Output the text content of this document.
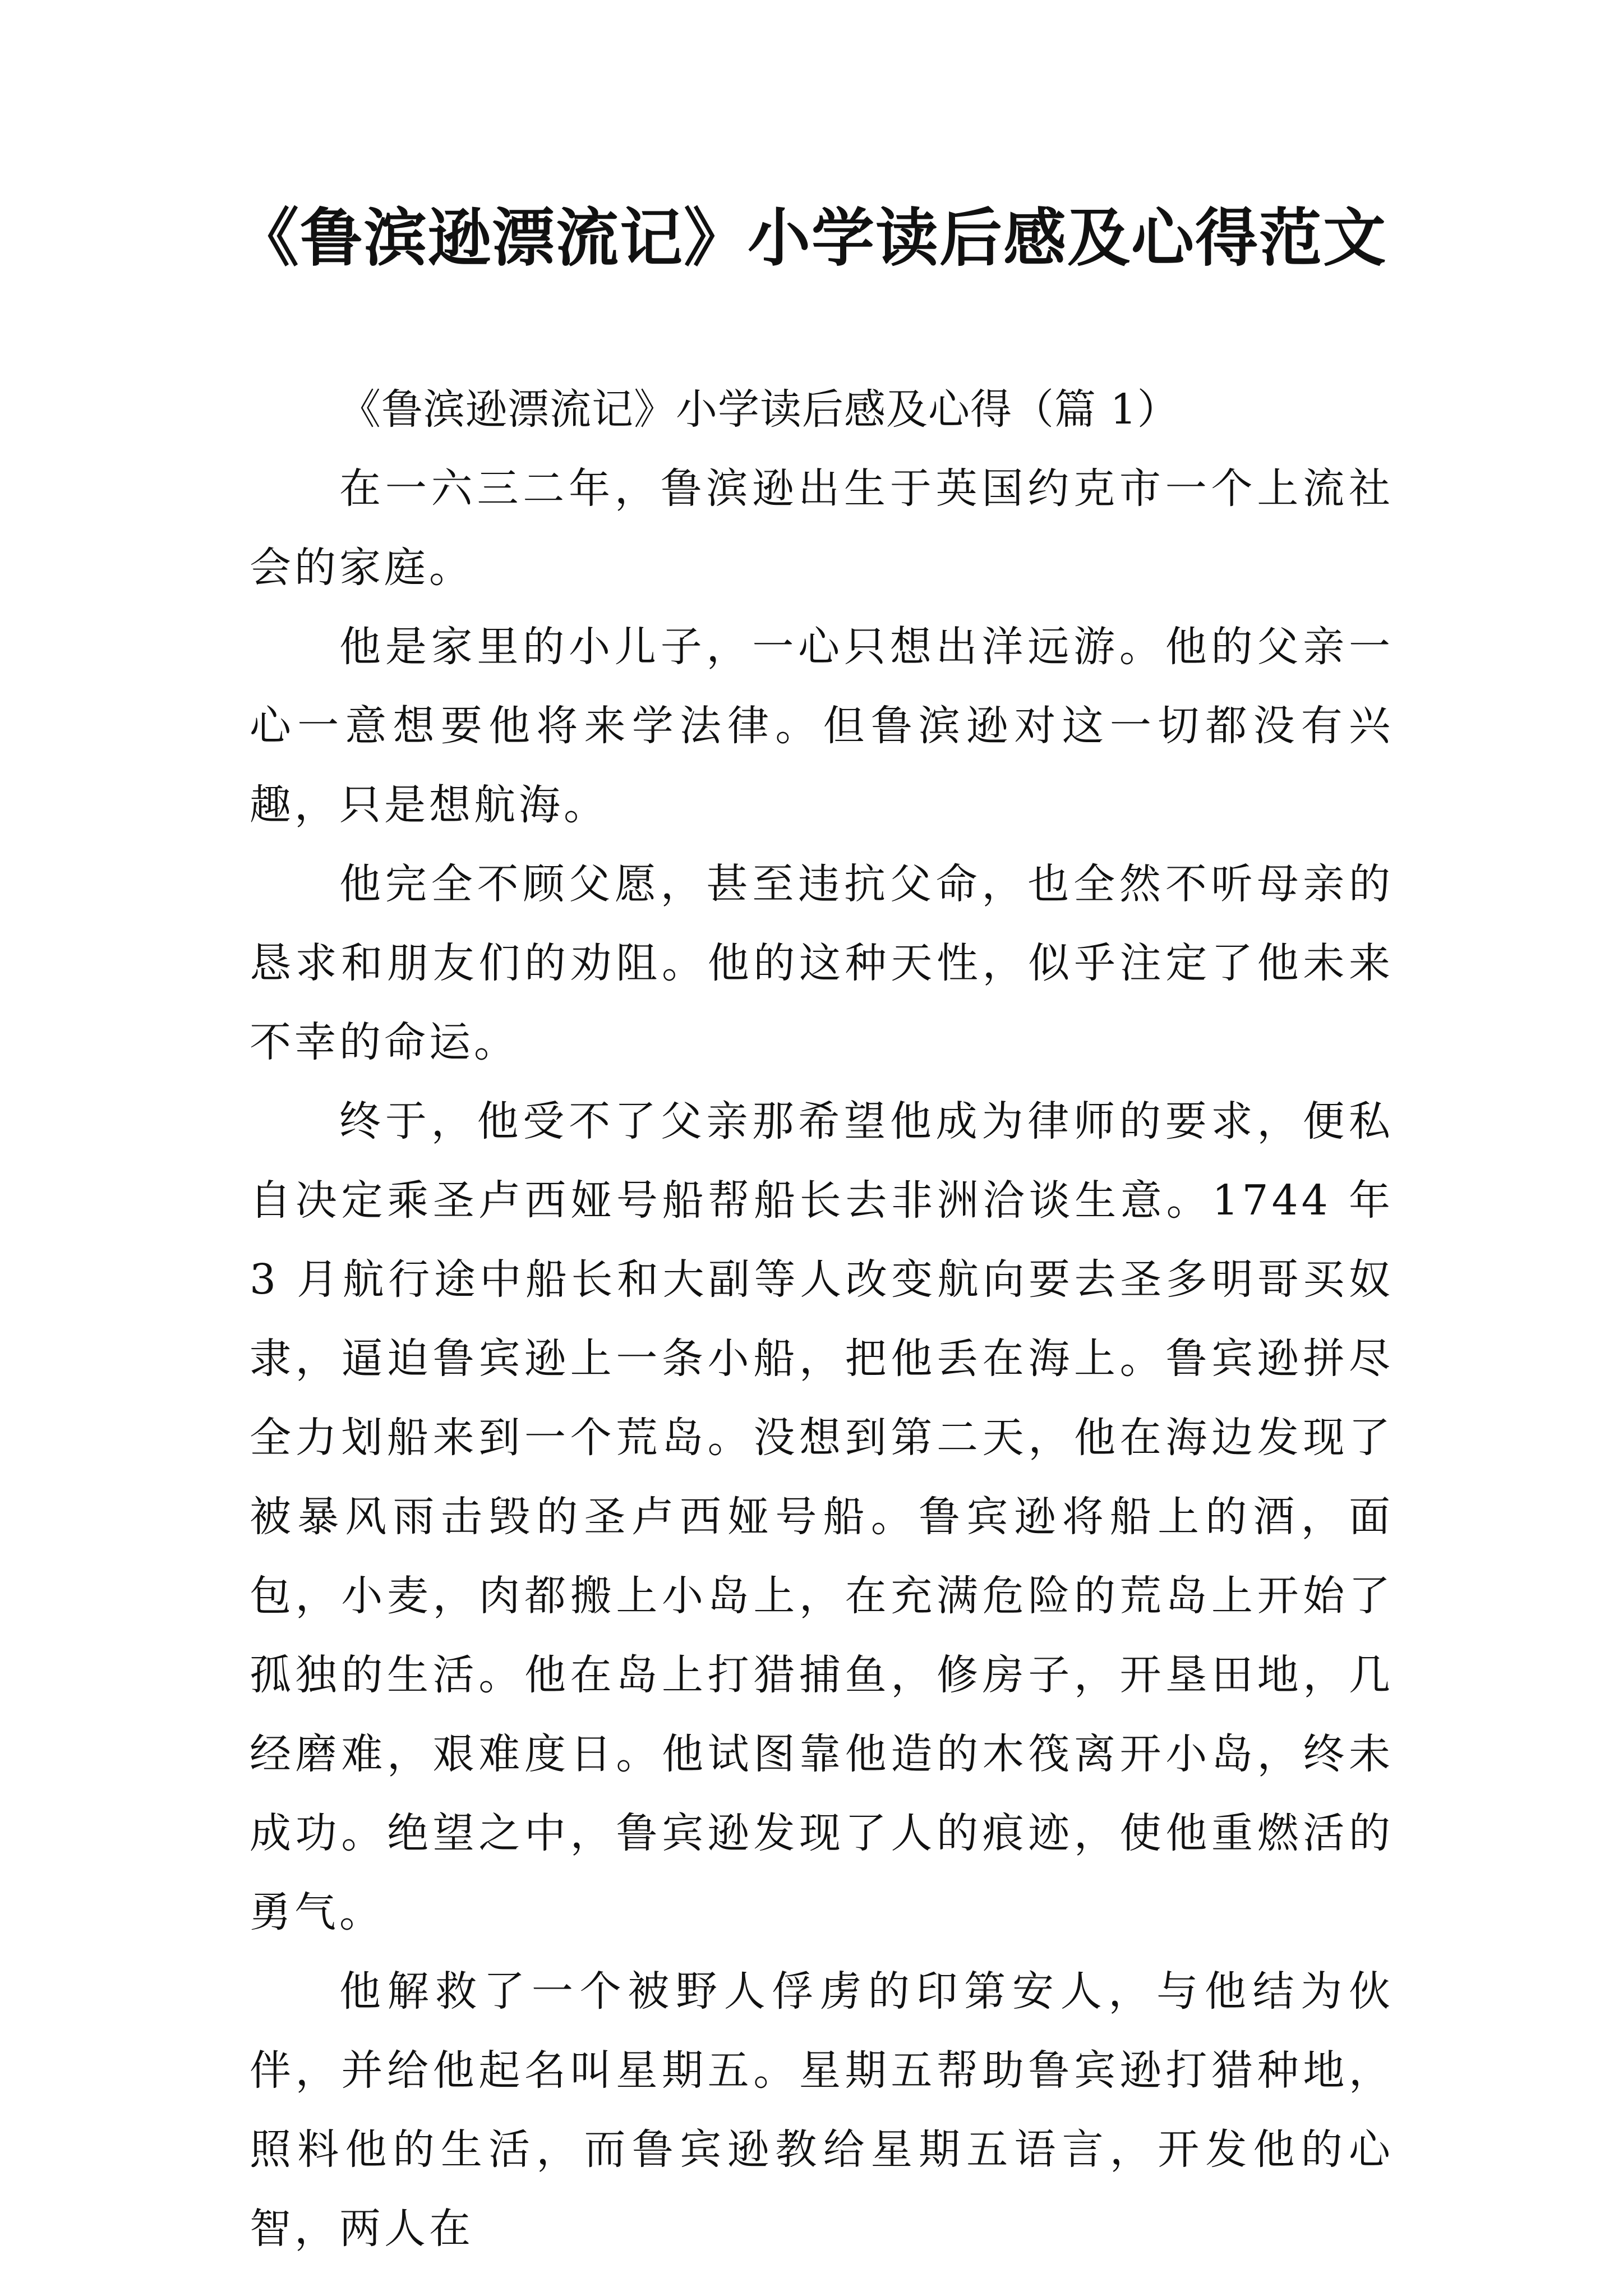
《鲁滨逊漂流记》小学读后感及心得范文

《鲁滨逊漂流记》小学读后感及心得（篇 1）

在一六三二年，鲁滨逊出生于英国约克市一个上流社会的家庭。

他是家里的小儿子，一心只想出洋远游。他的父亲一心一意想要他将来学法律。但鲁滨逊对这一切都没有兴趣，只是想航海。

他完全不顾父愿，甚至违抗父命，也全然不听母亲的恳求和朋友们的劝阻。他的这种天性，似乎注定了他未来不幸的命运。

终于，他受不了父亲那希望他成为律师的要求，便私自决定乘圣卢西娅号船帮船长去非洲洽谈生意。1744 年 3 月航行途中船长和大副等人改变航向要去圣多明哥买奴隶，逼迫鲁宾逊上一条小船，把他丢在海上。鲁宾逊拼尽全力划船来到一个荒岛。没想到第二天，他在海边发现了被暴风雨击毁的圣卢西娅号船。鲁宾逊将船上的酒，面包，小麦，肉都搬上小岛上，在充满危险的荒岛上开始了孤独的生活。他在岛上打猎捕鱼，修房子，开垦田地，几经磨难，艰难度日。他试图靠他造的木筏离开小岛，终未成功。绝望之中，鲁宾逊发现了人的痕迹，使他重燃活的勇气。

他解救了一个被野人俘虏的印第安人，与他结为伙伴，并给他起名叫星期五。星期五帮助鲁宾逊打猎种地，照料他的生活，而鲁宾逊教给星期五语言，开发他的心智，两人在
